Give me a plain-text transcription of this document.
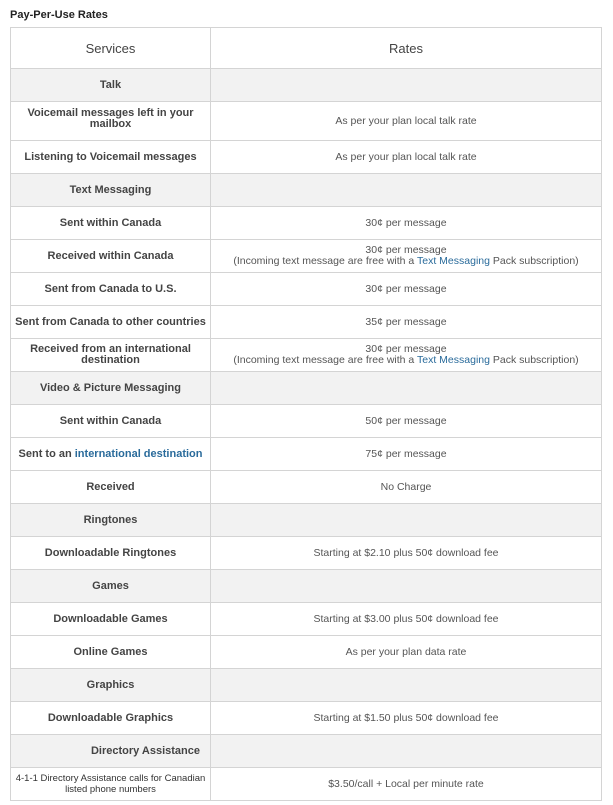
Pay-Per-Use Rates
Services	Rates
Talk	
Voicemail messages left in your mailbox	As per your plan local talk rate
Listening to Voicemail messages	As per your plan local talk rate
Text Messaging	
Sent within Canada	30¢ per message
Received within Canada	30¢ per message
(Incoming text message are free with a Text Messaging Pack subscription)

Sent from Canada to U.S.	30¢ per message
Sent from Canada to other countries	35¢ per message
Received from an international destination	30¢ per message
(Incoming text message are free with a Text Messaging Pack subscription)

Video & Picture Messaging	
Sent within Canada	50¢ per message
Sent to an international destination	75¢ per message
Received	No Charge
Ringtones	
Downloadable Ringtones	Starting at $2.10 plus 50¢ download fee
Games	
Downloadable Games	Starting at $3.00 plus 50¢ download fee
Online Games	As per your plan data rate
Graphics	
Downloadable Graphics	Starting at $1.50 plus 50¢ download fee
Directory Assistance	
4-1-1 Directory Assistance calls for Canadian listed phone numbers	$3.50/call + Local per minute rate
